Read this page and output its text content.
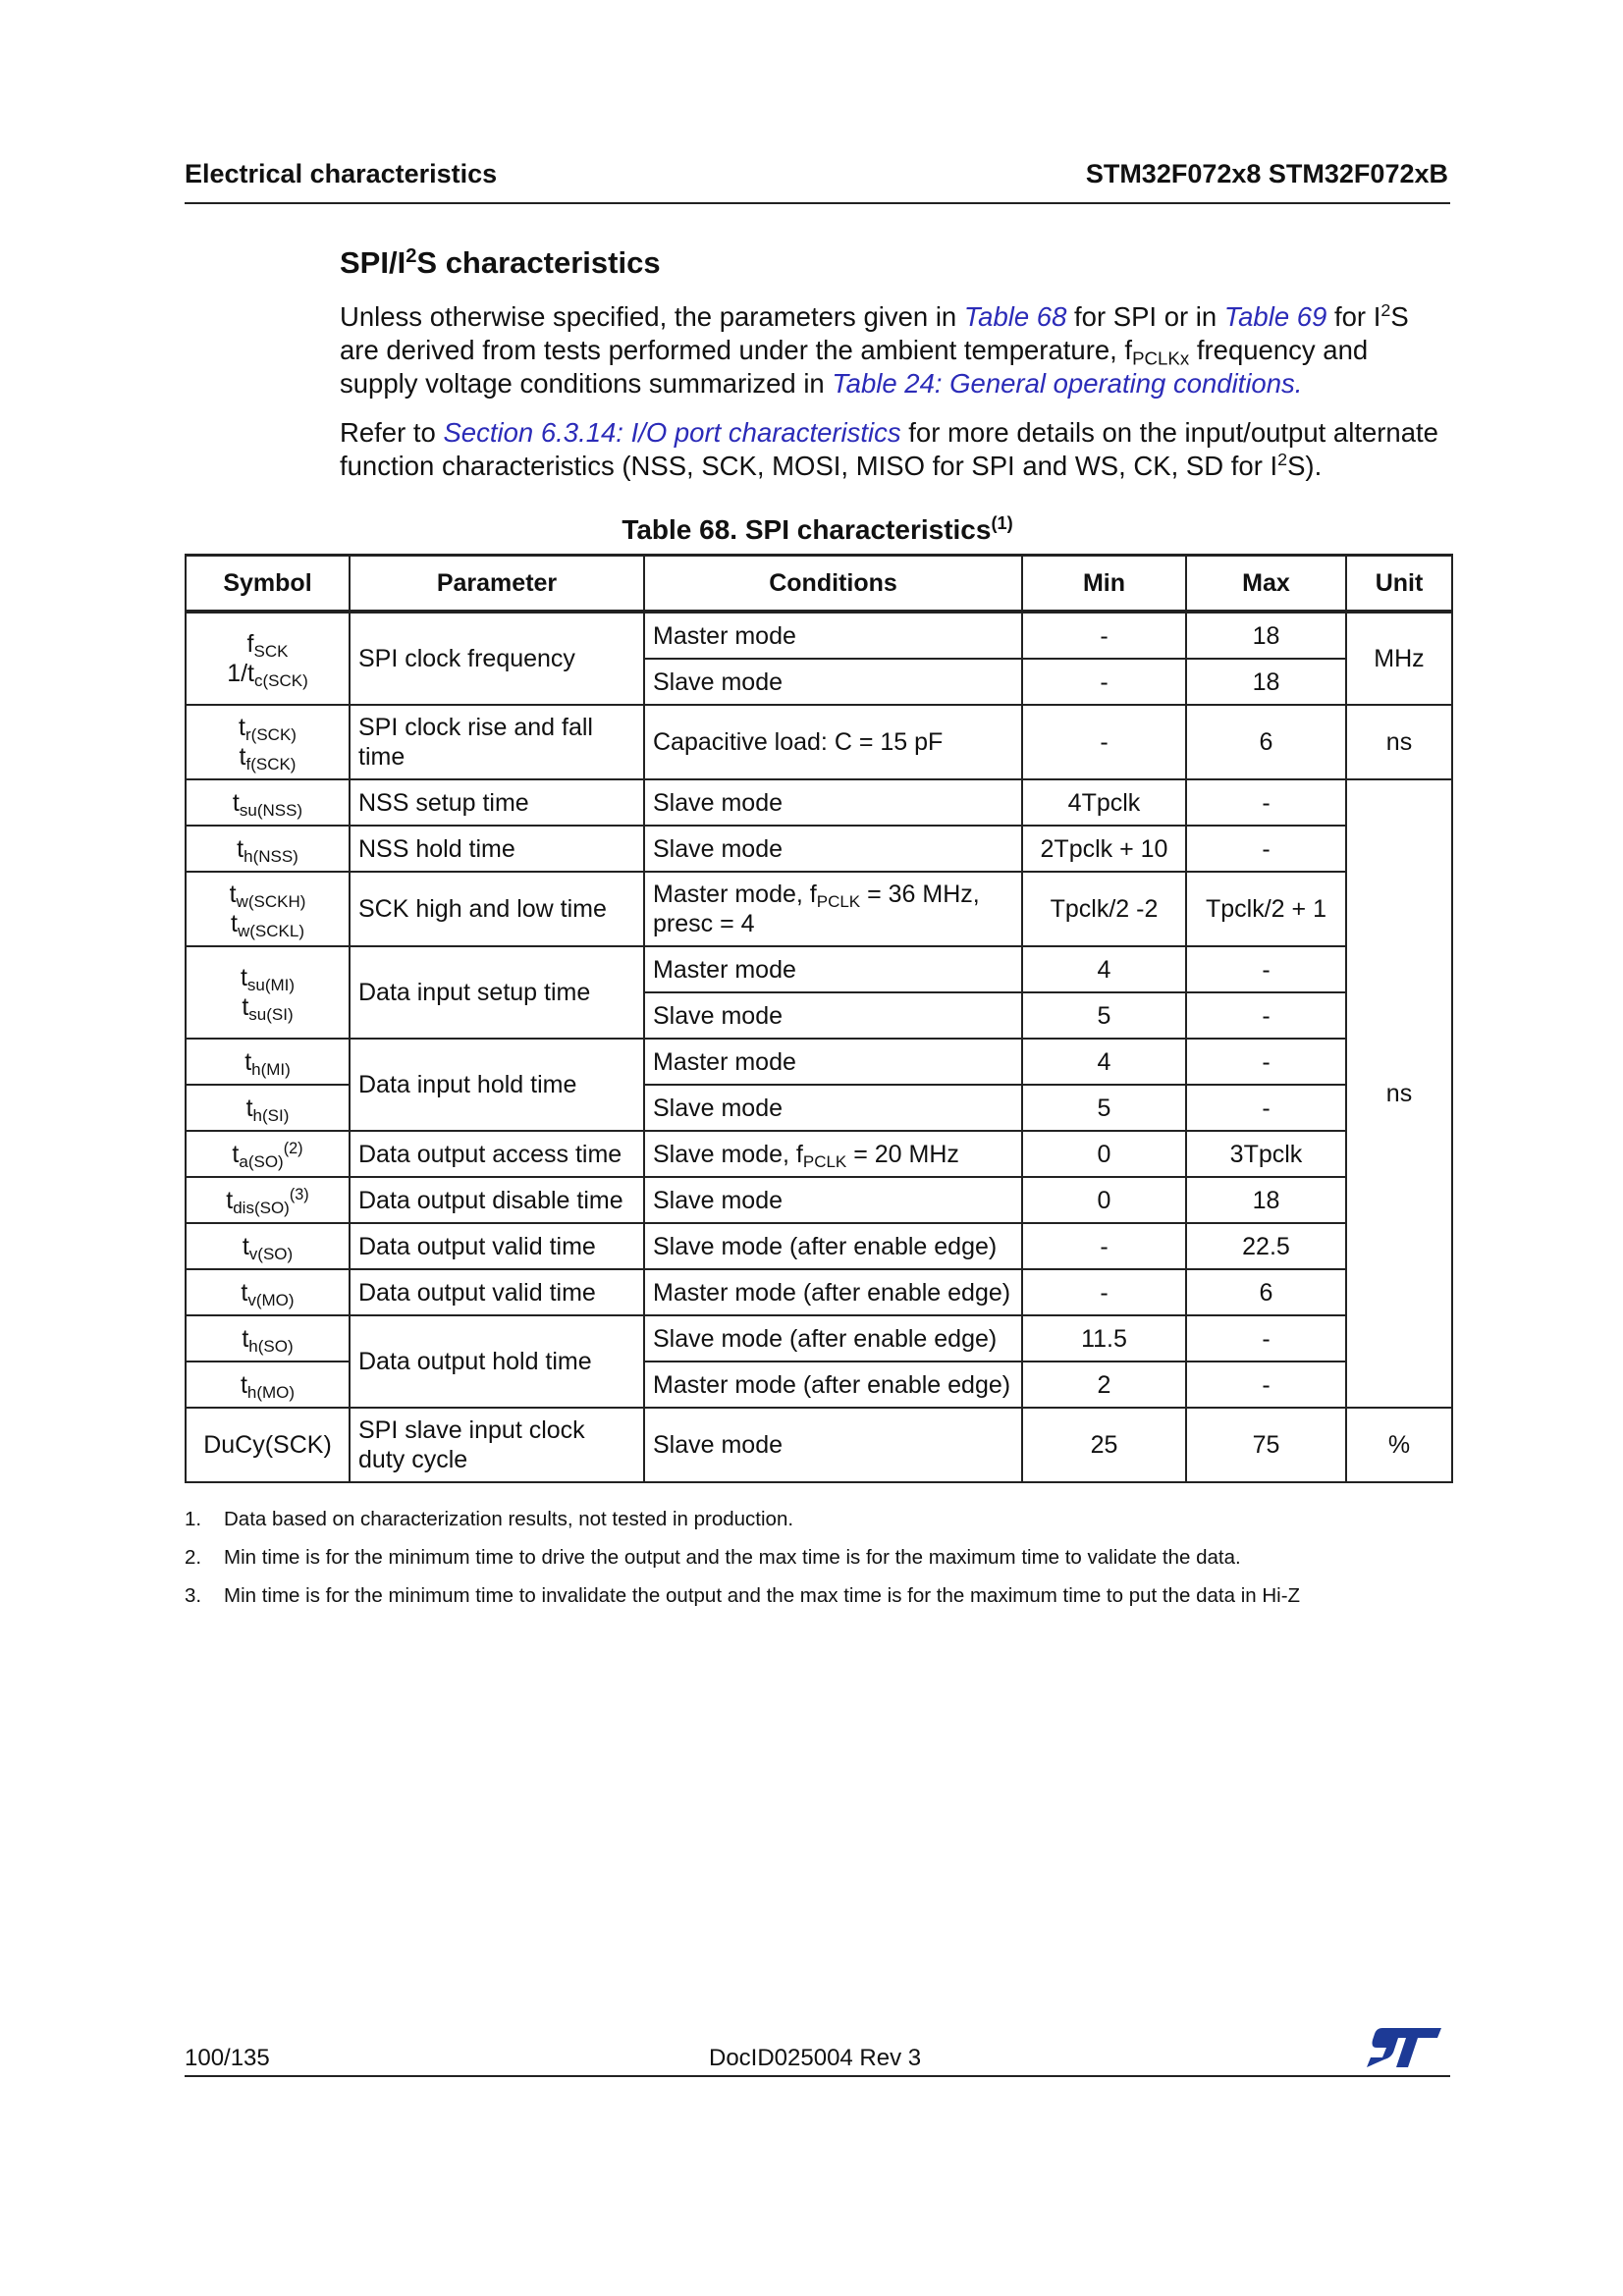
Electrical characteristics	STM32F072x8 STM32F072xB
SPI/$I^2S$ characteristics
Unless otherwise specified, the parameters given in Table 68 for SPI or in Table 69 for $I^2S$ are derived from tests performed under the ambient temperature, $f_{PCLKx}$ frequency and supply voltage conditions summarized in Table 24: General operating conditions.
Refer to Section 6.3.14: I/O port characteristics for more details on the input/output alternate function characteristics (NSS, SCK, MOSI, MISO for SPI and WS, CK, SD for $I^2S$).
Table 68. SPI characteristics$^{(1)}$
Symbol	Parameter	Conditions	Min	Max	Unit
$f_{SCK}$
$1/t_{c(SCK)}$	SPI clock frequency	Master mode	-	18	MHz
		Slave mode	-	18	
$t_{r(SCK)}$
$t_{f(SCK)}$	SPI clock rise and fall time	Capacitive load: C = 15 pF	-	6	ns
$t_{su(NSS)}$	NSS setup time	Slave mode	4Tpclk	-	ns
$t_{h(NSS)}$	NSS hold time	Slave mode	2Tpclk + 10	-	
$t_{w(SCKH)}$
$t_{w(SCKL)}$	SCK high and low time	Master mode, $f_{PCLK} = 36$ MHz, presc = 4	Tpclk/2 -2	Tpclk/2 + 1	
$t_{su(MI)}$
$t_{su(SI)}$	Data input setup time	Master mode	4	-	
		Slave mode	5	-	
$t_{h(MI)}$	Data input hold time	Master mode	4	-	
$t_{h(SI)}$		Slave mode	5	-	
$t_{a(SO)}^{(2)}$	Data output access time	Slave mode, $f_{PCLK} = 20$ MHz	0	3Tpclk	
$t_{dis(SO)}^{(3)}$	Data output disable time	Slave mode	0	18	
$t_{v(SO)}$	Data output valid time	Slave mode (after enable edge)	-	22.5	
$t_{v(MO)}$	Data output valid time	Master mode (after enable edge)	-	6	
$t_{h(SO)}$	Data output hold time	Slave mode (after enable edge)	11.5	-	
$t_{h(MO)}$		Master mode (after enable edge)	2	-	
DuCy(SCK)	SPI slave input clock duty cycle	Slave mode	25	75	%
1. Data based on characterization results, not tested in production.
2. Min time is for the minimum time to drive the output and the max time is for the maximum time to validate the data.
3. Min time is for the minimum time to invalidate the output and the max time is for the maximum time to put the data in Hi-Z
100/135	DocID025004 Rev 3
